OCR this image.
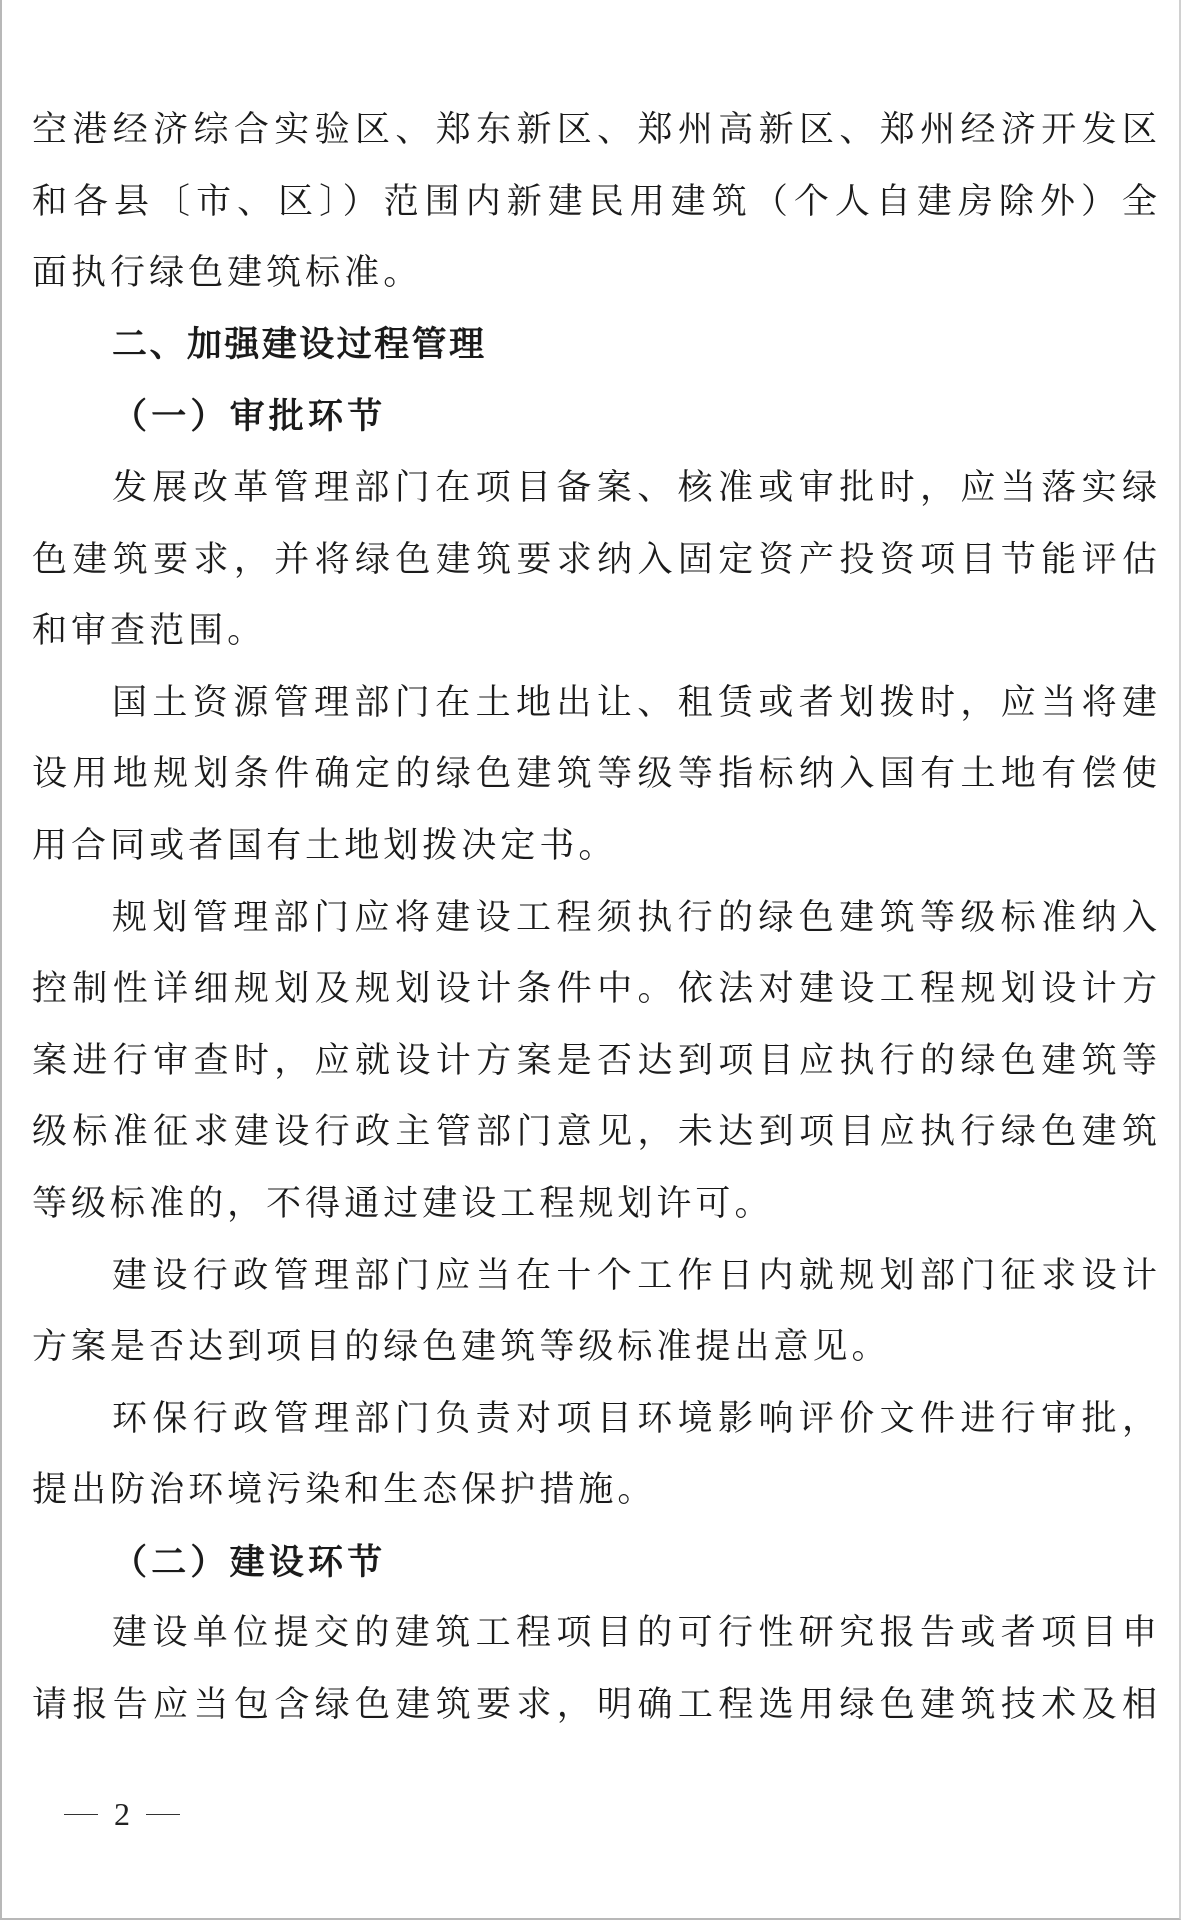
空港经济综合实验区、郑东新区、郑州高新区、郑州经济开发区
和各县〔市、区〕）范围内新建民用建筑（个人自建房除外）全
面执行绿色建筑标准。
二、加强建设过程管理
（一）审批环节
发展改革管理部门在项目备案、核准或审批时，应当落实绿
色建筑要求，并将绿色建筑要求纳入固定资产投资项目节能评估
和审查范围。
国土资源管理部门在土地出让、租赁或者划拨时，应当将建
设用地规划条件确定的绿色建筑等级等指标纳入国有土地有偿使
用合同或者国有土地划拨决定书。
规划管理部门应将建设工程须执行的绿色建筑等级标准纳入
控制性详细规划及规划设计条件中。依法对建设工程规划设计方
案进行审查时，应就设计方案是否达到项目应执行的绿色建筑等
级标准征求建设行政主管部门意见，未达到项目应执行绿色建筑
等级标准的，不得通过建设工程规划许可。
建设行政管理部门应当在十个工作日内就规划部门征求设计
方案是否达到项目的绿色建筑等级标准提出意见。
环保行政管理部门负责对项目环境影响评价文件进行审批，
提出防治环境污染和生态保护措施。
（二）建设环节
建设单位提交的建筑工程项目的可行性研究报告或者项目申
请报告应当包含绿色建筑要求，明确工程选用绿色建筑技术及相
2
